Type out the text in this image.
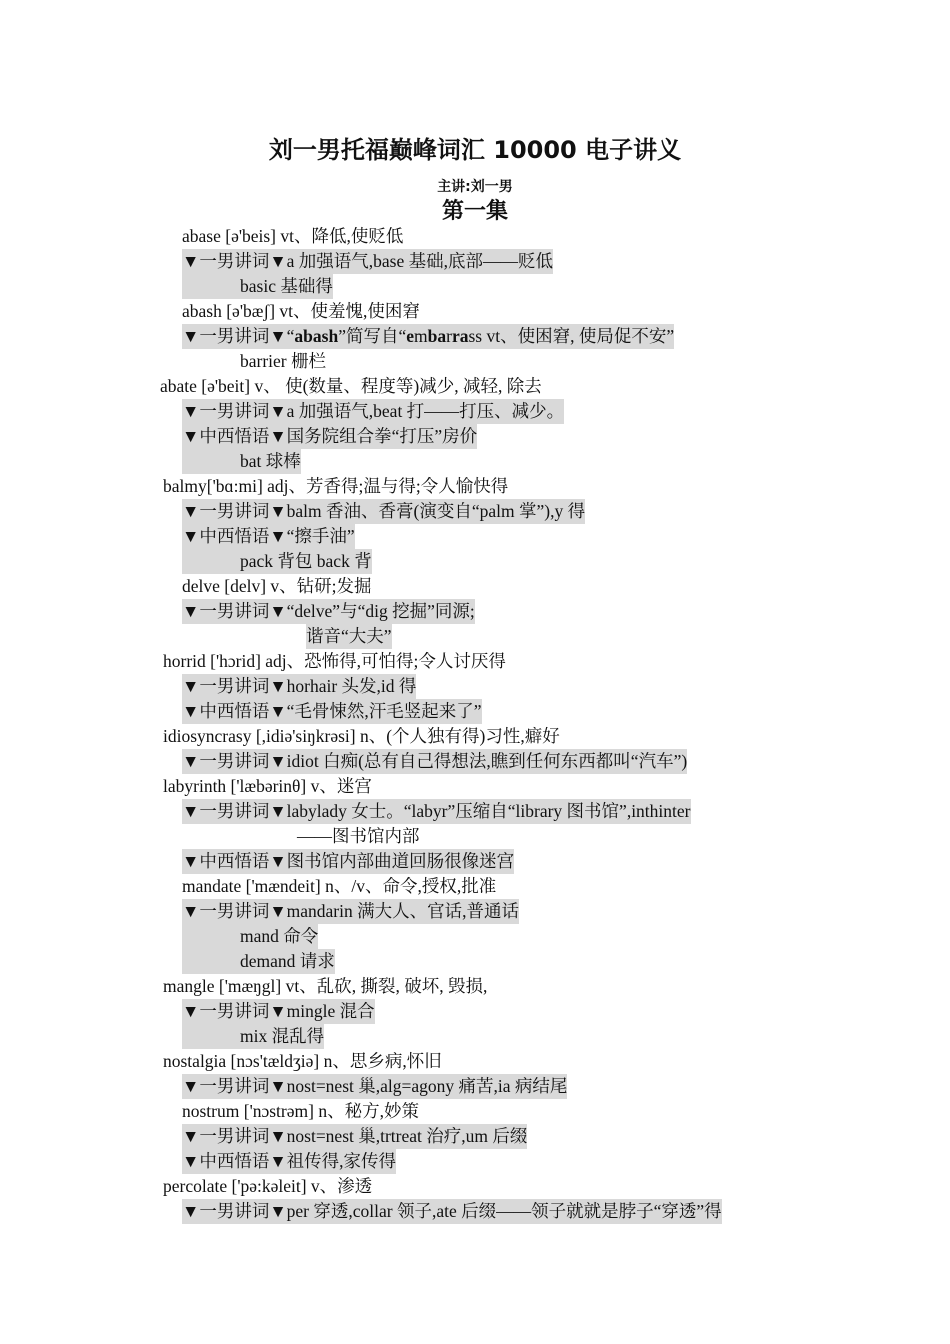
刘一男托福巅峰词汇 10000 电子讲义
主讲:刘一男
第一集
abase [ə'beis] vt、降低,使贬低
▼一男讲词▼a 加强语气,base 基础,底部——贬低
basic 基础得
abash [ə'bæʃ] vt、使羞愧,使困窘
▼一男讲词▼“abash”简写自“embarrass vt、使困窘, 使局促不安”
barrier 栅栏
abate [ə'beit] v、 使(数量、程度等)减少, 减轻, 除去
▼一男讲词▼a 加强语气,beat 打——打压、减少。
▼中西悟语▼国务院组合拳“打压”房价
bat 球棒
balmy['bɑ:mi] adj、芳香得;温与得;令人愉快得
▼一男讲词▼balm 香油、香膏(演变自“palm 掌”),y 得
▼中西悟语▼“擦手油”
pack 背包 back 背
delve [delv] v、钻研;发掘
▼一男讲词▼“delve”与“dig 挖掘”同源;
谐音“大夫”
horrid ['hɔrid] adj、恐怖得,可怕得;令人讨厌得
▼一男讲词▼horhair 头发,id 得
▼中西悟语▼“毛骨悚然,汗毛竖起来了”
idiosyncrasy [,idiə'siŋkrəsi] n、(个人独有得)习性,癖好
▼一男讲词▼idiot 白痴(总有自己得想法,瞧到任何东西都叫“汽车”)
labyrinth ['læbərinθ] v、迷宫
▼一男讲词▼labylady 女士。“labyr”压缩自“library 图书馆”,inthinter
——图书馆内部
▼中西悟语▼图书馆内部曲道回肠很像迷宫
mandate ['mændeit] n、/v、命令,授权,批准
▼一男讲词▼mandarin 满大人、官话,普通话
mand 命令
demand 请求
mangle ['mæŋgl] vt、乱砍, 撕裂, 破坏, 毁损,
▼一男讲词▼mingle 混合
mix 混乱得
nostalgia [nɔs'tældʒiə] n、思乡病,怀旧
▼一男讲词▼nost=nest 巢,alg=agony 痛苦,ia 病结尾
nostrum ['nɔstrəm] n、秘方,妙策
▼一男讲词▼nost=nest 巢,trtreat 治疗,um 后缀
▼中西悟语▼祖传得,家传得
percolate ['pə:kəleit] v、渗透
▼一男讲词▼per 穿透,collar 领子,ate 后缀——领子就就是脖子“穿透”得
